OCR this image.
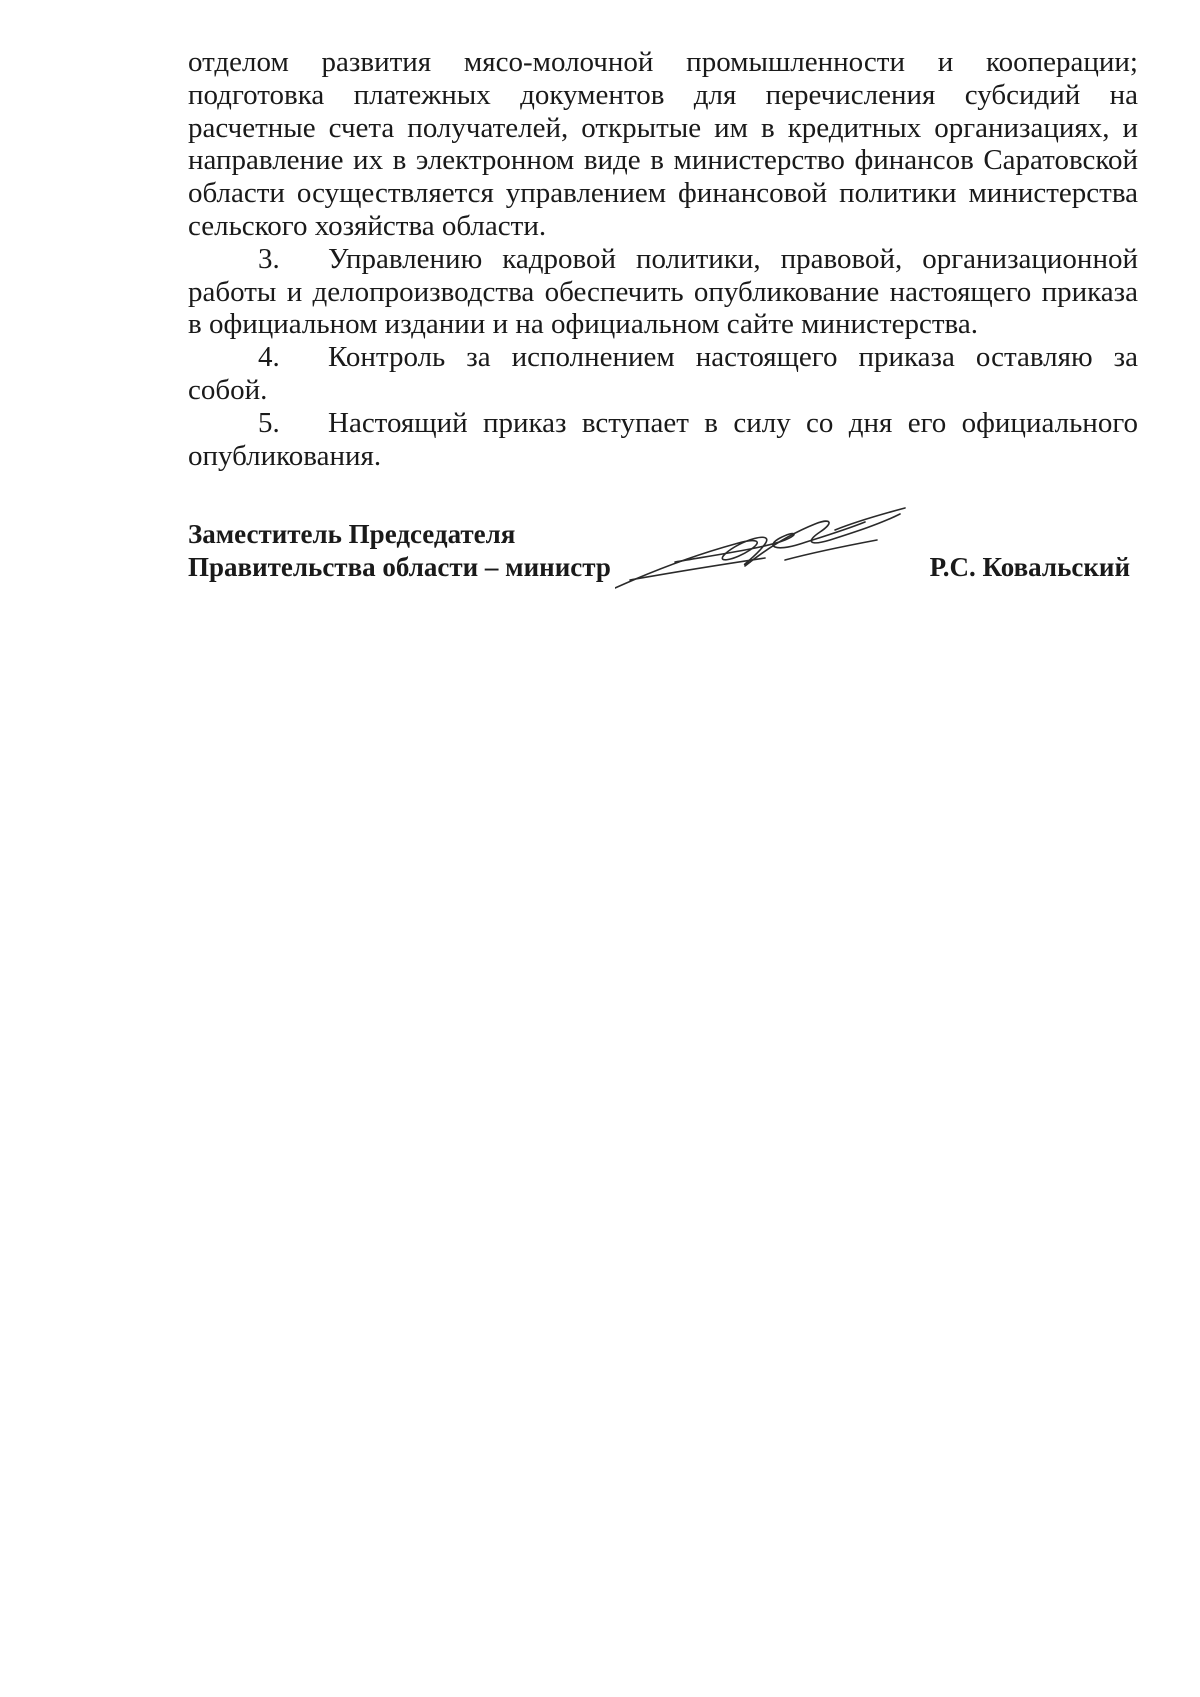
отделом развития мясо-молочной промышленности и кооперации; подготовка платежных документов для перечисления субсидий на расчетные счета получателей, открытые им в кредитных организациях, и направление их в электронном виде в министерство финансов Саратовской области осуществляется управлением финансовой политики министерства сельского хозяйства области.

3. Управлению кадровой политики, правовой, организационной работы и делопроизводства обеспечить опубликование настоящего приказа в официальном издании и на официальном сайте министерства.

4. Контроль за исполнением настоящего приказа оставляю за собой.

5. Настоящий приказ вступает в силу со дня его официального опубликования.

Заместитель Председателя
Правительства области – министр	Р.С. Ковальский
